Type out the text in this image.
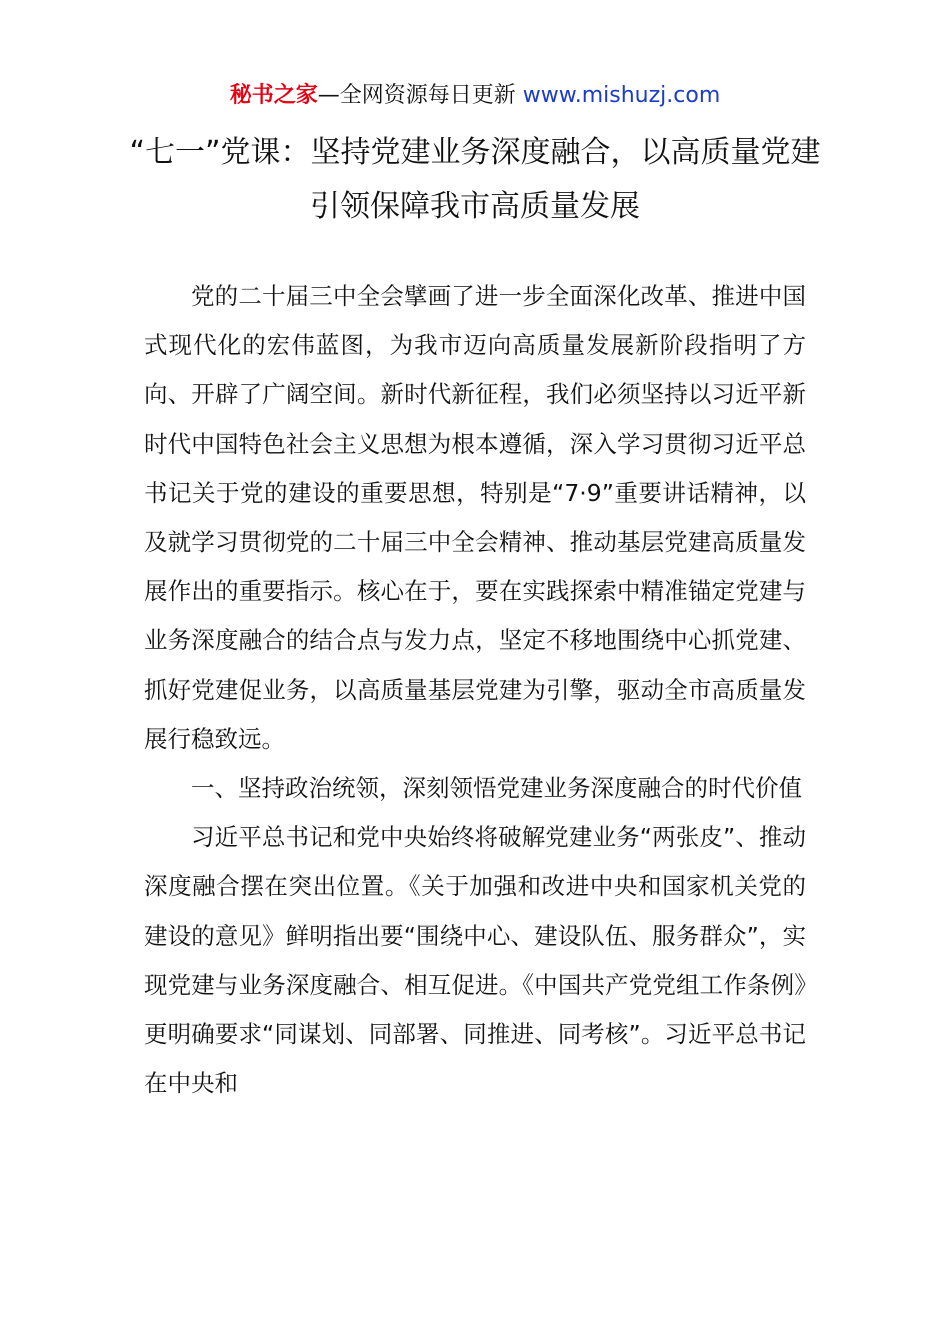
秘书之家—全网资源每日更新 www.mishuzj.com
“七一”党课：坚持党建业务深度融合，以高质量党建引领保障我市高质量发展

党的二十届三中全会擘画了进一步全面深化改革、推进中国式现代化的宏伟蓝图，为我市迈向高质量发展新阶段指明了方向、开辟了广阔空间。新时代新征程，我们必须坚持以习近平新时代中国特色社会主义思想为根本遵循，深入学习贯彻习近平总书记关于党的建设的重要思想，特别是“7·9”重要讲话精神，以及就学习贯彻党的二十届三中全会精神、推动基层党建高质量发展作出的重要指示。核心在于，要在实践探索中精准锚定党建与业务深度融合的结合点与发力点，坚定不移地围绕中心抓党建、抓好党建促业务，以高质量基层党建为引擎，驱动全市高质量发展行稳致远。

一、坚持政治统领，深刻领悟党建业务深度融合的时代价值

习近平总书记和党中央始终将破解党建业务“两张皮”、推动深度融合摆在突出位置。《关于加强和改进中央和国家机关党的建设的意见》鲜明指出要“围绕中心、建设队伍、服务群众”，实现党建与业务深度融合、相互促进。《中国共产党党组工作条例》更明确要求“同谋划、同部署、同推进、同考核”。习近平总书记在中央和
